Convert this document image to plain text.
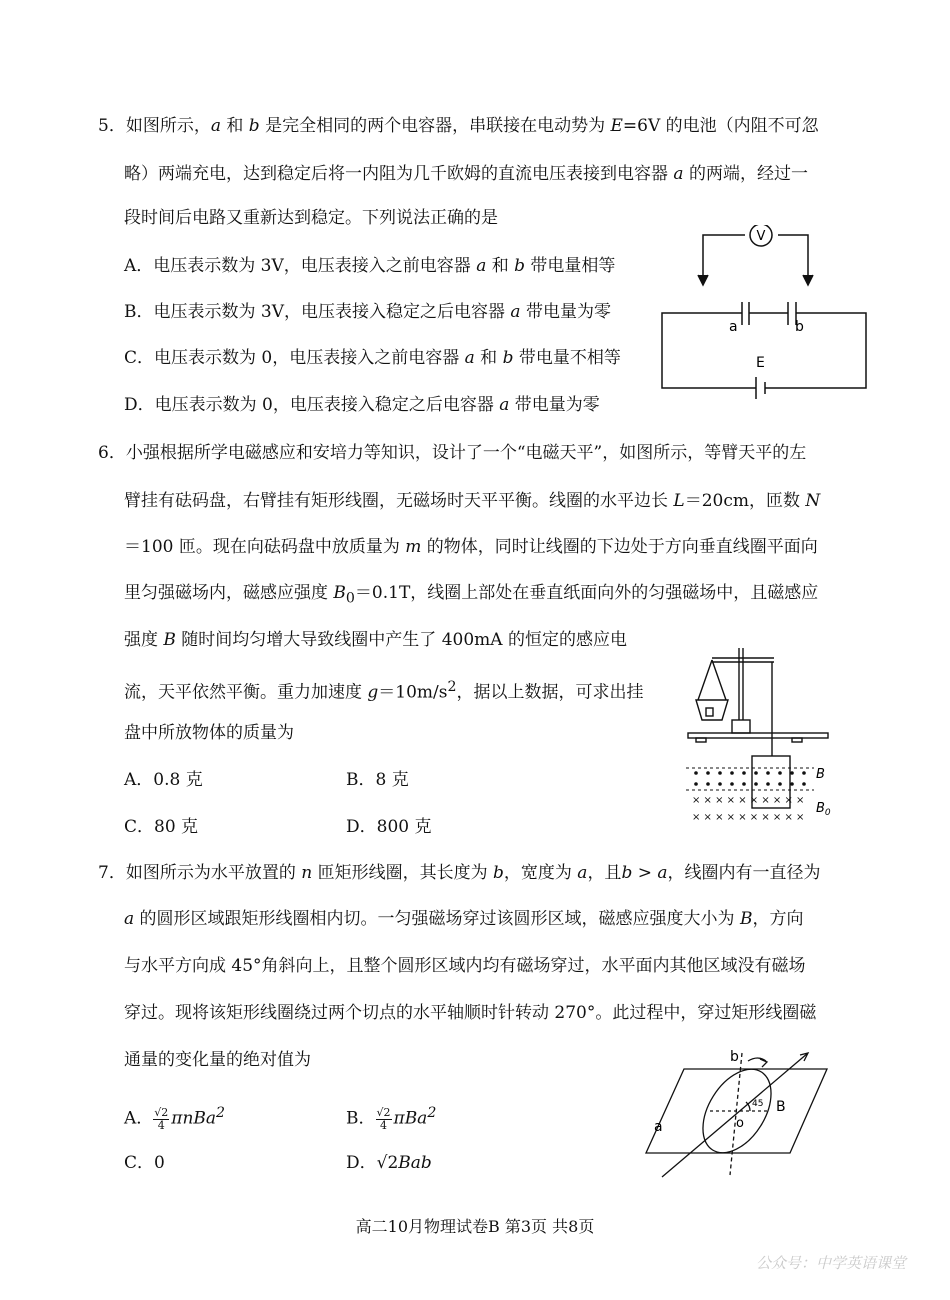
5．如图所示，a 和 b 是完全相同的两个电容器，串联接在电动势为 E=6V 的电池（内阻不可忽
略）两端充电，达到稳定后将一内阻为几千欧姆的直流电压表接到电容器 a 的两端，经过一
段时间后电路又重新达到稳定。下列说法正确的是
A．电压表示数为 3V，电压表接入之前电容器 a 和 b 带电量相等
B．电压表示数为 3V，电压表接入稳定之后电容器 a 带电量为零
C．电压表示数为 0，电压表接入之前电容器 a 和 b 带电量不相等
D．电压表示数为 0，电压表接入稳定之后电容器 a 带电量为零
V
a	b
E
6．小强根据所学电磁感应和安培力等知识，设计了一个“电磁天平”，如图所示，等臂天平的左
臂挂有砝码盘，右臂挂有矩形线圈，无磁场时天平平衡。线圈的水平边长 L＝20cm，匝数 N
＝100 匝。现在向砝码盘中放质量为 m 的物体，同时让线圈的下边处于方向垂直线圈平面向
里匀强磁场内，磁感应强度 $B_0=0.1T$，线圈上部处在垂直纸面向外的匀强磁场中，且磁感应
强度 B 随时间均匀增大导致线圈中产生了 400mA 的恒定的感应电
流，天平依然平衡。重力加速度 $g=10m/s^2$，据以上数据，可求出挂
盘中所放物体的质量为
A．0.8 克	B．8 克
C．80 克	D．800 克
× × × × × × × × × ×
× × × × × × × × × ×
B
$B_0$
7．如图所示为水平放置的 n 匝矩形线圈，其长度为 b，宽度为 a，且b > a，线圈内有一直径为
a 的圆形区域跟矩形线圈相内切。一匀强磁场穿过该圆形区域，磁感应强度大小为 B，方向
与水平方向成 45°角斜向上，且整个圆形区域内均有磁场穿过，水平面内其他区域没有磁场
穿过。现将该矩形线圈绕过两个切点的水平轴顺时针转动 270°。此过程中，穿过矩形线圈磁
通量的变化量的绝对值为
A． $\frac{√2}{4} \pi nBa^2$	B． $\frac{√2}{4} \pi Ba^2$
C．0	D．√2Bab
b
B
a	o
45
高二10月物理试卷B 第3页 共8页
公众号：中学英语课堂
